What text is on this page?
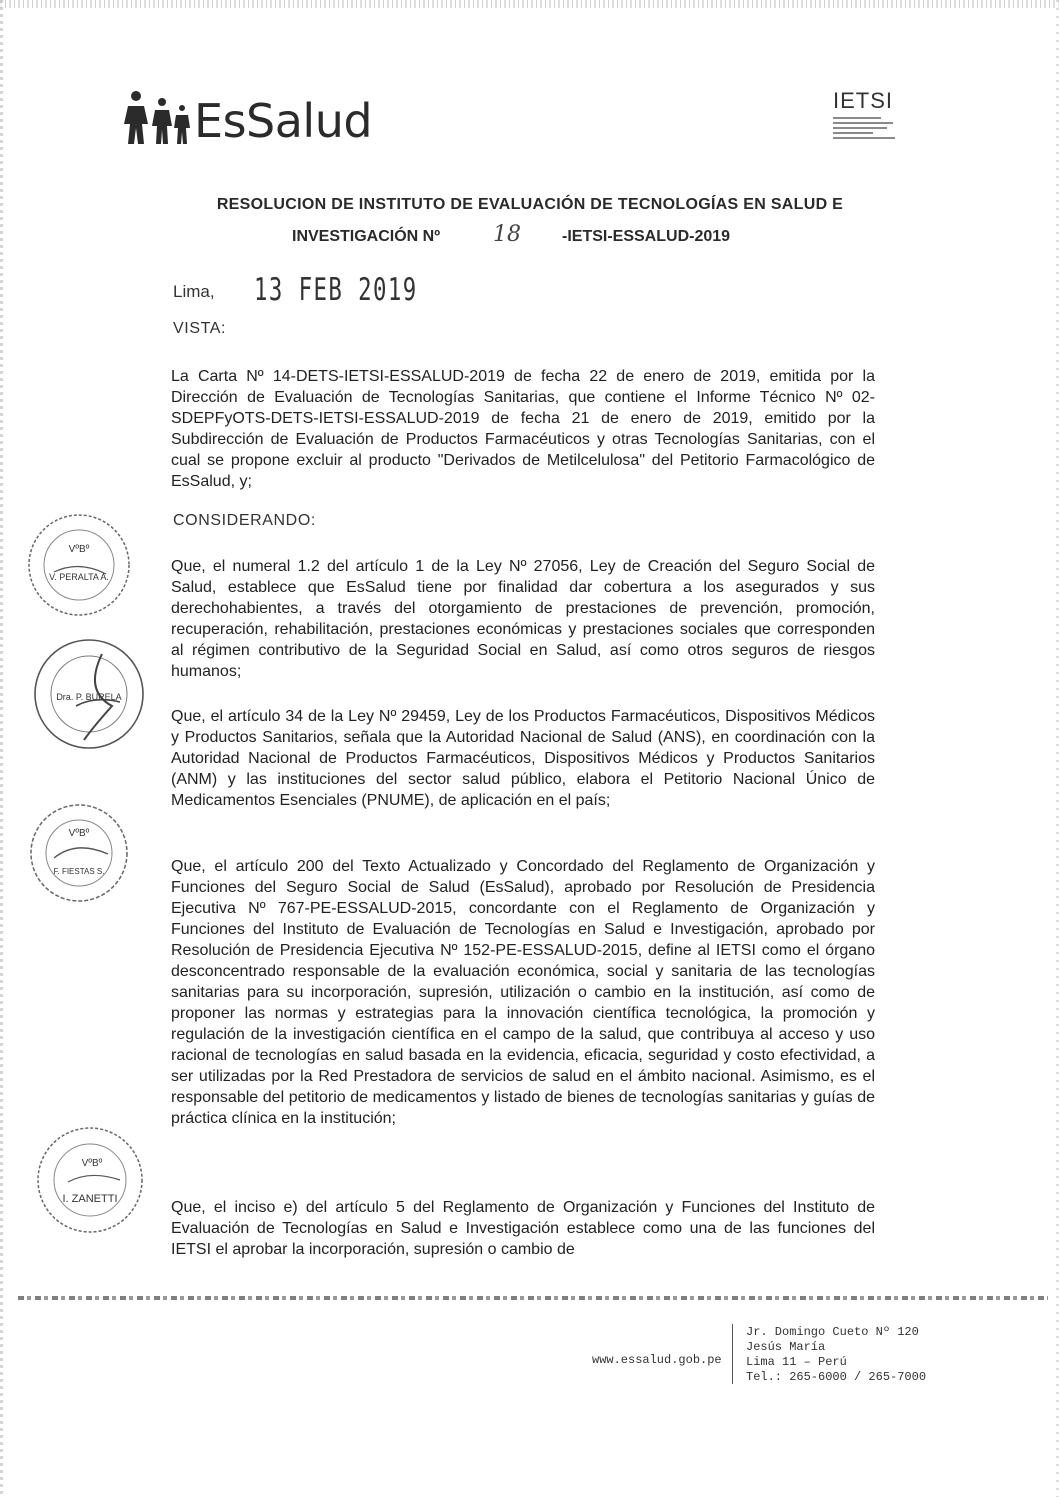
EsSalud	IETSI
RESOLUCION DE INSTITUTO DE EVALUACIÓN DE TECNOLOGÍAS EN SALUD E
INVESTIGACIÓN Nº 18	-IETSI-ESSALUD-2019
Lima, 13 FEB 2019
VISTA:

La Carta Nº 14-DETS-IETSI-ESSALUD-2019 de fecha 22 de enero de 2019, emitida por la Dirección de Evaluación de Tecnologías Sanitarias, que contiene el Informe Técnico Nº 02-SDEPFyOTS-DETS-IETSI-ESSALUD-2019 de fecha 21 de enero de 2019, emitido por la Subdirección de Evaluación de Productos Farmacéuticos y otras Tecnologías Sanitarias, con el cual se propone excluir al producto "Derivados de Metilcelulosa" del Petitorio Farmacológico de EsSalud, y;

CONSIDERANDO:

Que, el numeral 1.2 del artículo 1 de la Ley Nº 27056, Ley de Creación del Seguro Social de Salud, establece que EsSalud tiene por finalidad dar cobertura a los asegurados y sus derechohabientes, a través del otorgamiento de prestaciones de prevención, promoción, recuperación, rehabilitación, prestaciones económicas y prestaciones sociales que corresponden al régimen contributivo de la Seguridad Social en Salud, así como otros seguros de riesgos humanos;

Que, el artículo 34 de la Ley Nº 29459, Ley de los Productos Farmacéuticos, Dispositivos Médicos y Productos Sanitarios, señala que la Autoridad Nacional de Salud (ANS), en coordinación con la Autoridad Nacional de Productos Farmacéuticos, Dispositivos Médicos y Productos Sanitarios (ANM) y las instituciones del sector salud público, elabora el Petitorio Nacional Único de Medicamentos Esenciales (PNUME), de aplicación en el país;

Que, el artículo 200 del Texto Actualizado y Concordado del Reglamento de Organización y Funciones del Seguro Social de Salud (EsSalud), aprobado por Resolución de Presidencia Ejecutiva Nº 767-PE-ESSALUD-2015, concordante con el Reglamento de Organización y Funciones del Instituto de Evaluación de Tecnologías en Salud e Investigación, aprobado por Resolución de Presidencia Ejecutiva Nº 152-PE-ESSALUD-2015, define al IETSI como el órgano desconcentrado responsable de la evaluación económica, social y sanitaria de las tecnologías sanitarias para su incorporación, supresión, utilización o cambio en la institución, así como de proponer las normas y estrategias para la innovación científica tecnológica, la promoción y regulación de la investigación científica en el campo de la salud, que contribuya al acceso y uso racional de tecnologías en salud basada en la evidencia, eficacia, seguridad y costo efectividad, a ser utilizadas por la Red Prestadora de servicios de salud en el ámbito nacional. Asimismo, es el responsable del petitorio de medicamentos y listado de bienes de tecnologías sanitarias y guías de práctica clínica en la institución;

Que, el inciso e) del artículo 5 del Reglamento de Organización y Funciones del Instituto de Evaluación de Tecnologías en Salud e Investigación establece como una de las funciones del IETSI el aprobar la incorporación, supresión o cambio de

VºBº
V. PERALTA A.
Dra. P. BURELA
VºBº
F. FIESTAS S.
VºBº
I. ZANETTI
www.essalud.gob.pe
Jr. Domingo Cueto Nº 120
Jesús María
Lima 11 – Perú
Tel.: 265-6000 / 265-7000
